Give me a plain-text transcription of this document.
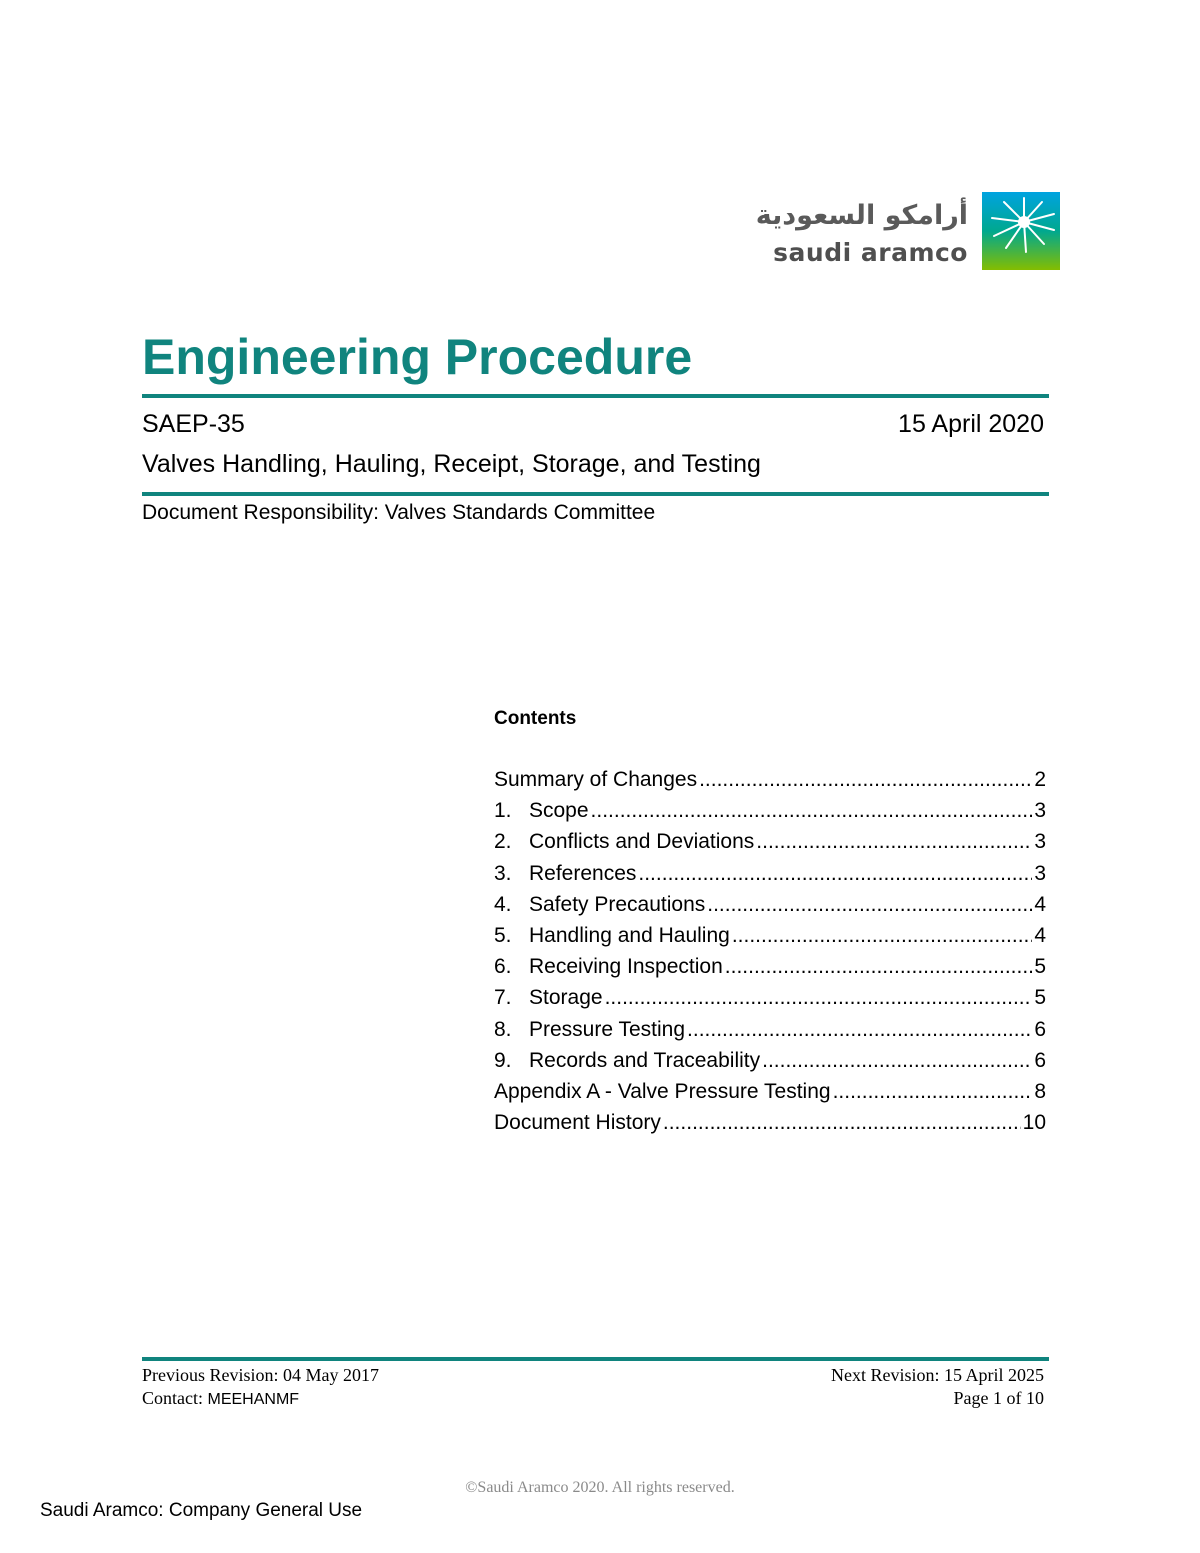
أرامكو السعودية
saudi aramco
Engineering Procedure
SAEP-35	15 April 2020
Valves Handling, Hauling, Receipt, Storage, and Testing
Document Responsibility: Valves Standards Committee
Contents
Summary of Changes .....	2
1. Scope .....	3
2. Conflicts and Deviations .....	3
3. References .....	3
4. Safety Precautions .....	4
5. Handling and Hauling .....	4
6. Receiving Inspection .....	5
7. Storage .....	5
8. Pressure Testing .....	6
9. Records and Traceability .....	6
Appendix A - Valve Pressure Testing .....	8
Document History .....	10
Previous Revision: 04 May 2017
Contact: MEEHANMF
Next Revision: 15 April 2025
Page 1 of 10
©Saudi Aramco 2020. All rights reserved.
Saudi Aramco: Company General Use
